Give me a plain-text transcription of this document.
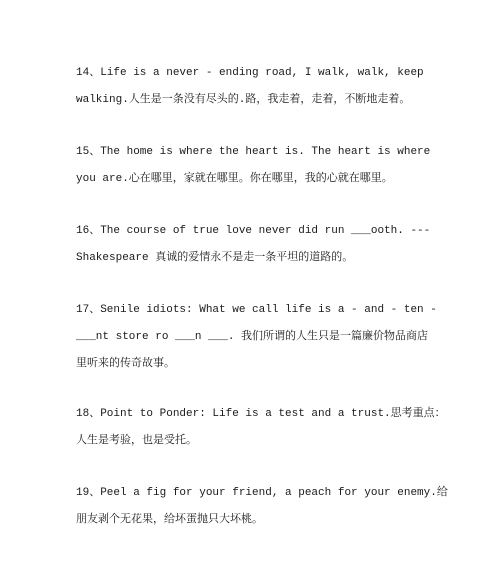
14、Life is a never - ending road, I walk, walk, keep
walking.人生是一条没有尽头的.路，我走着，走着，不断地走着。
15、The home is where the heart is. The heart is where
you are.心在哪里，家就在哪里。你在哪里，我的心就在哪里。
16、The course of true love never did run ___ooth. ---
Shakespeare 真诚的爱情永不是走一条平坦的道路的。
17、Senile idiots: What we call life is a - and - ten -
___nt store ro ___n ___. 我们所谓的人生只是一篇廉价物品商店
里听来的传奇故事。
18、Point to Ponder: Life is a test and a trust.思考重点：
人生是考验，也是受托。
19、Peel a fig for your friend, a peach for your enemy.给
朋友剥个无花果，给坏蛋抛只大坏桃。
